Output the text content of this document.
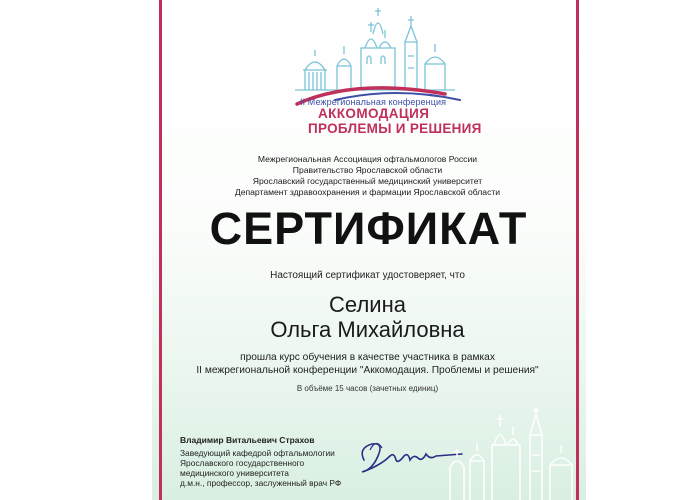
II Межрегиональная конференция
АККОМОДАЦИЯ
ПРОБЛЕМЫ И РЕШЕНИЯ
Межрегиональная Ассоциация офтальмологов России
Правительство Ярославской области
Ярославский государственный медицинский университет
Департамент здравоохранения и фармации Ярославской области
СЕРТИФИКАТ
Настоящий сертификат удостоверяет, что
Селина
Ольга Михайловна
прошла курс обучения в качестве участника в рамках
II межрегиональной конференции "Аккомодация. Проблемы и решения"
В объёме 15 часов (зачетных единиц)
Владимир Витальевич Страхов
Заведующий кафедрой офтальмологии
Ярославского государственного
медицинского университета
д.м.н., профессор, заслуженный врач РФ
